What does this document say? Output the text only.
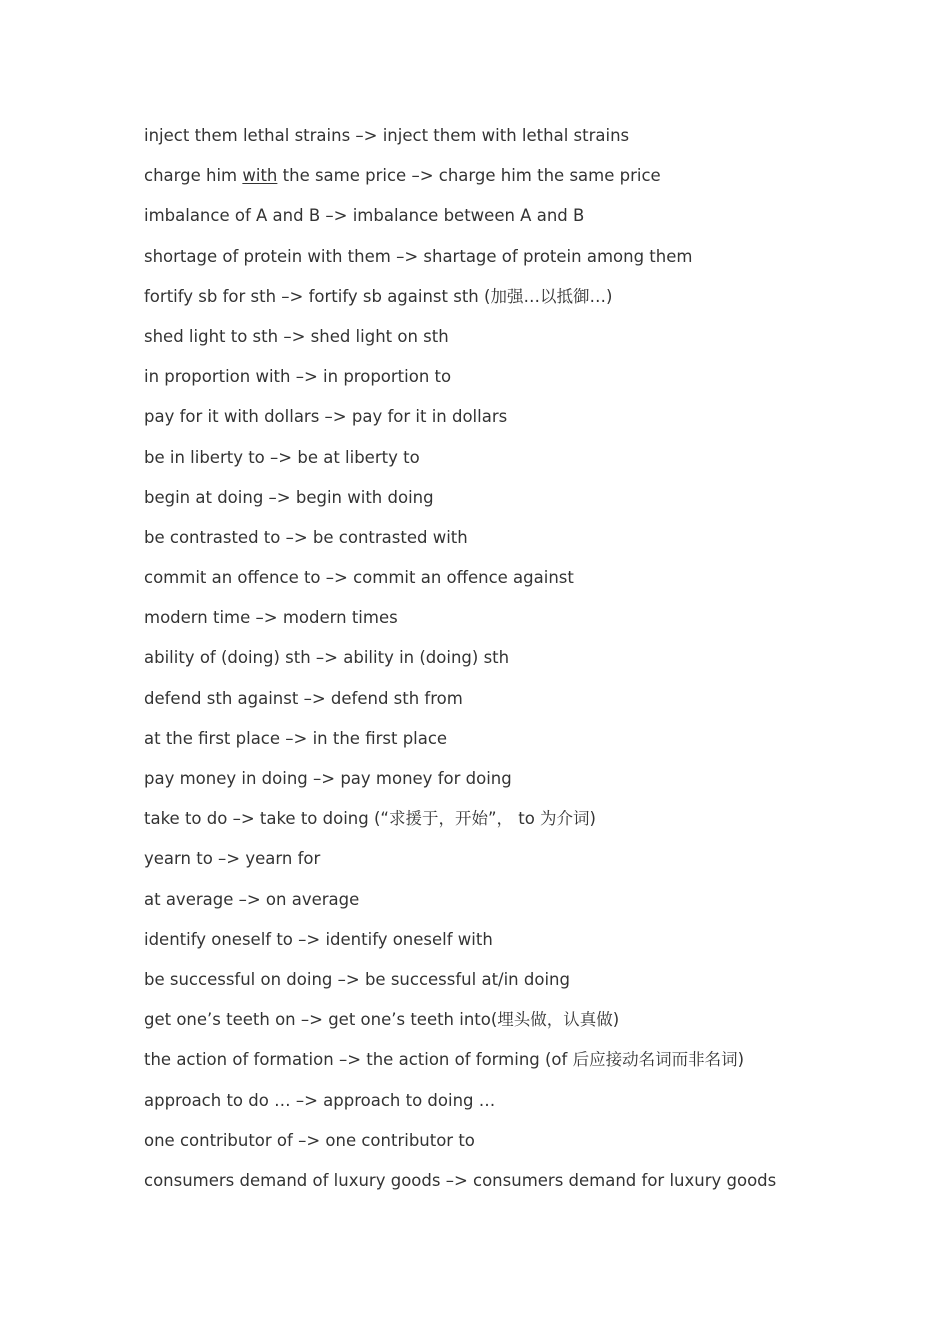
inject them lethal strains –> inject them with lethal strains
charge him with the same price –> charge him the same price
imbalance of A and B –> imbalance between A and B
shortage of protein with them –> shartage of protein among them
fortify sb for sth –> fortify sb against sth (加强…以抵御…)
shed light to sth –> shed light on sth
in proportion with –> in proportion to
pay for it with dollars –> pay for it in dollars
be in liberty to –> be at liberty to
begin at doing –> begin with doing
be contrasted to –> be contrasted with
commit an offence to –> commit an offence against
modern time –> modern times
ability of (doing) sth –> ability in (doing) sth
defend sth against –> defend sth from
at the first place –> in the first place
pay money in doing –> pay money for doing
take to do –> take to doing (“求援于，开始”， to 为介词)
yearn to –> yearn for
at average –> on average
identify oneself to –> identify oneself with
be successful on doing –> be successful at/in doing
get one’s teeth on –> get one’s teeth into(埋头做，认真做)
the action of formation –> the action of forming (of 后应接动名词而非名词)
approach to do … –> approach to doing …
one contributor of –> one contributor to
consumers demand of luxury goods –> consumers demand for luxury goods
